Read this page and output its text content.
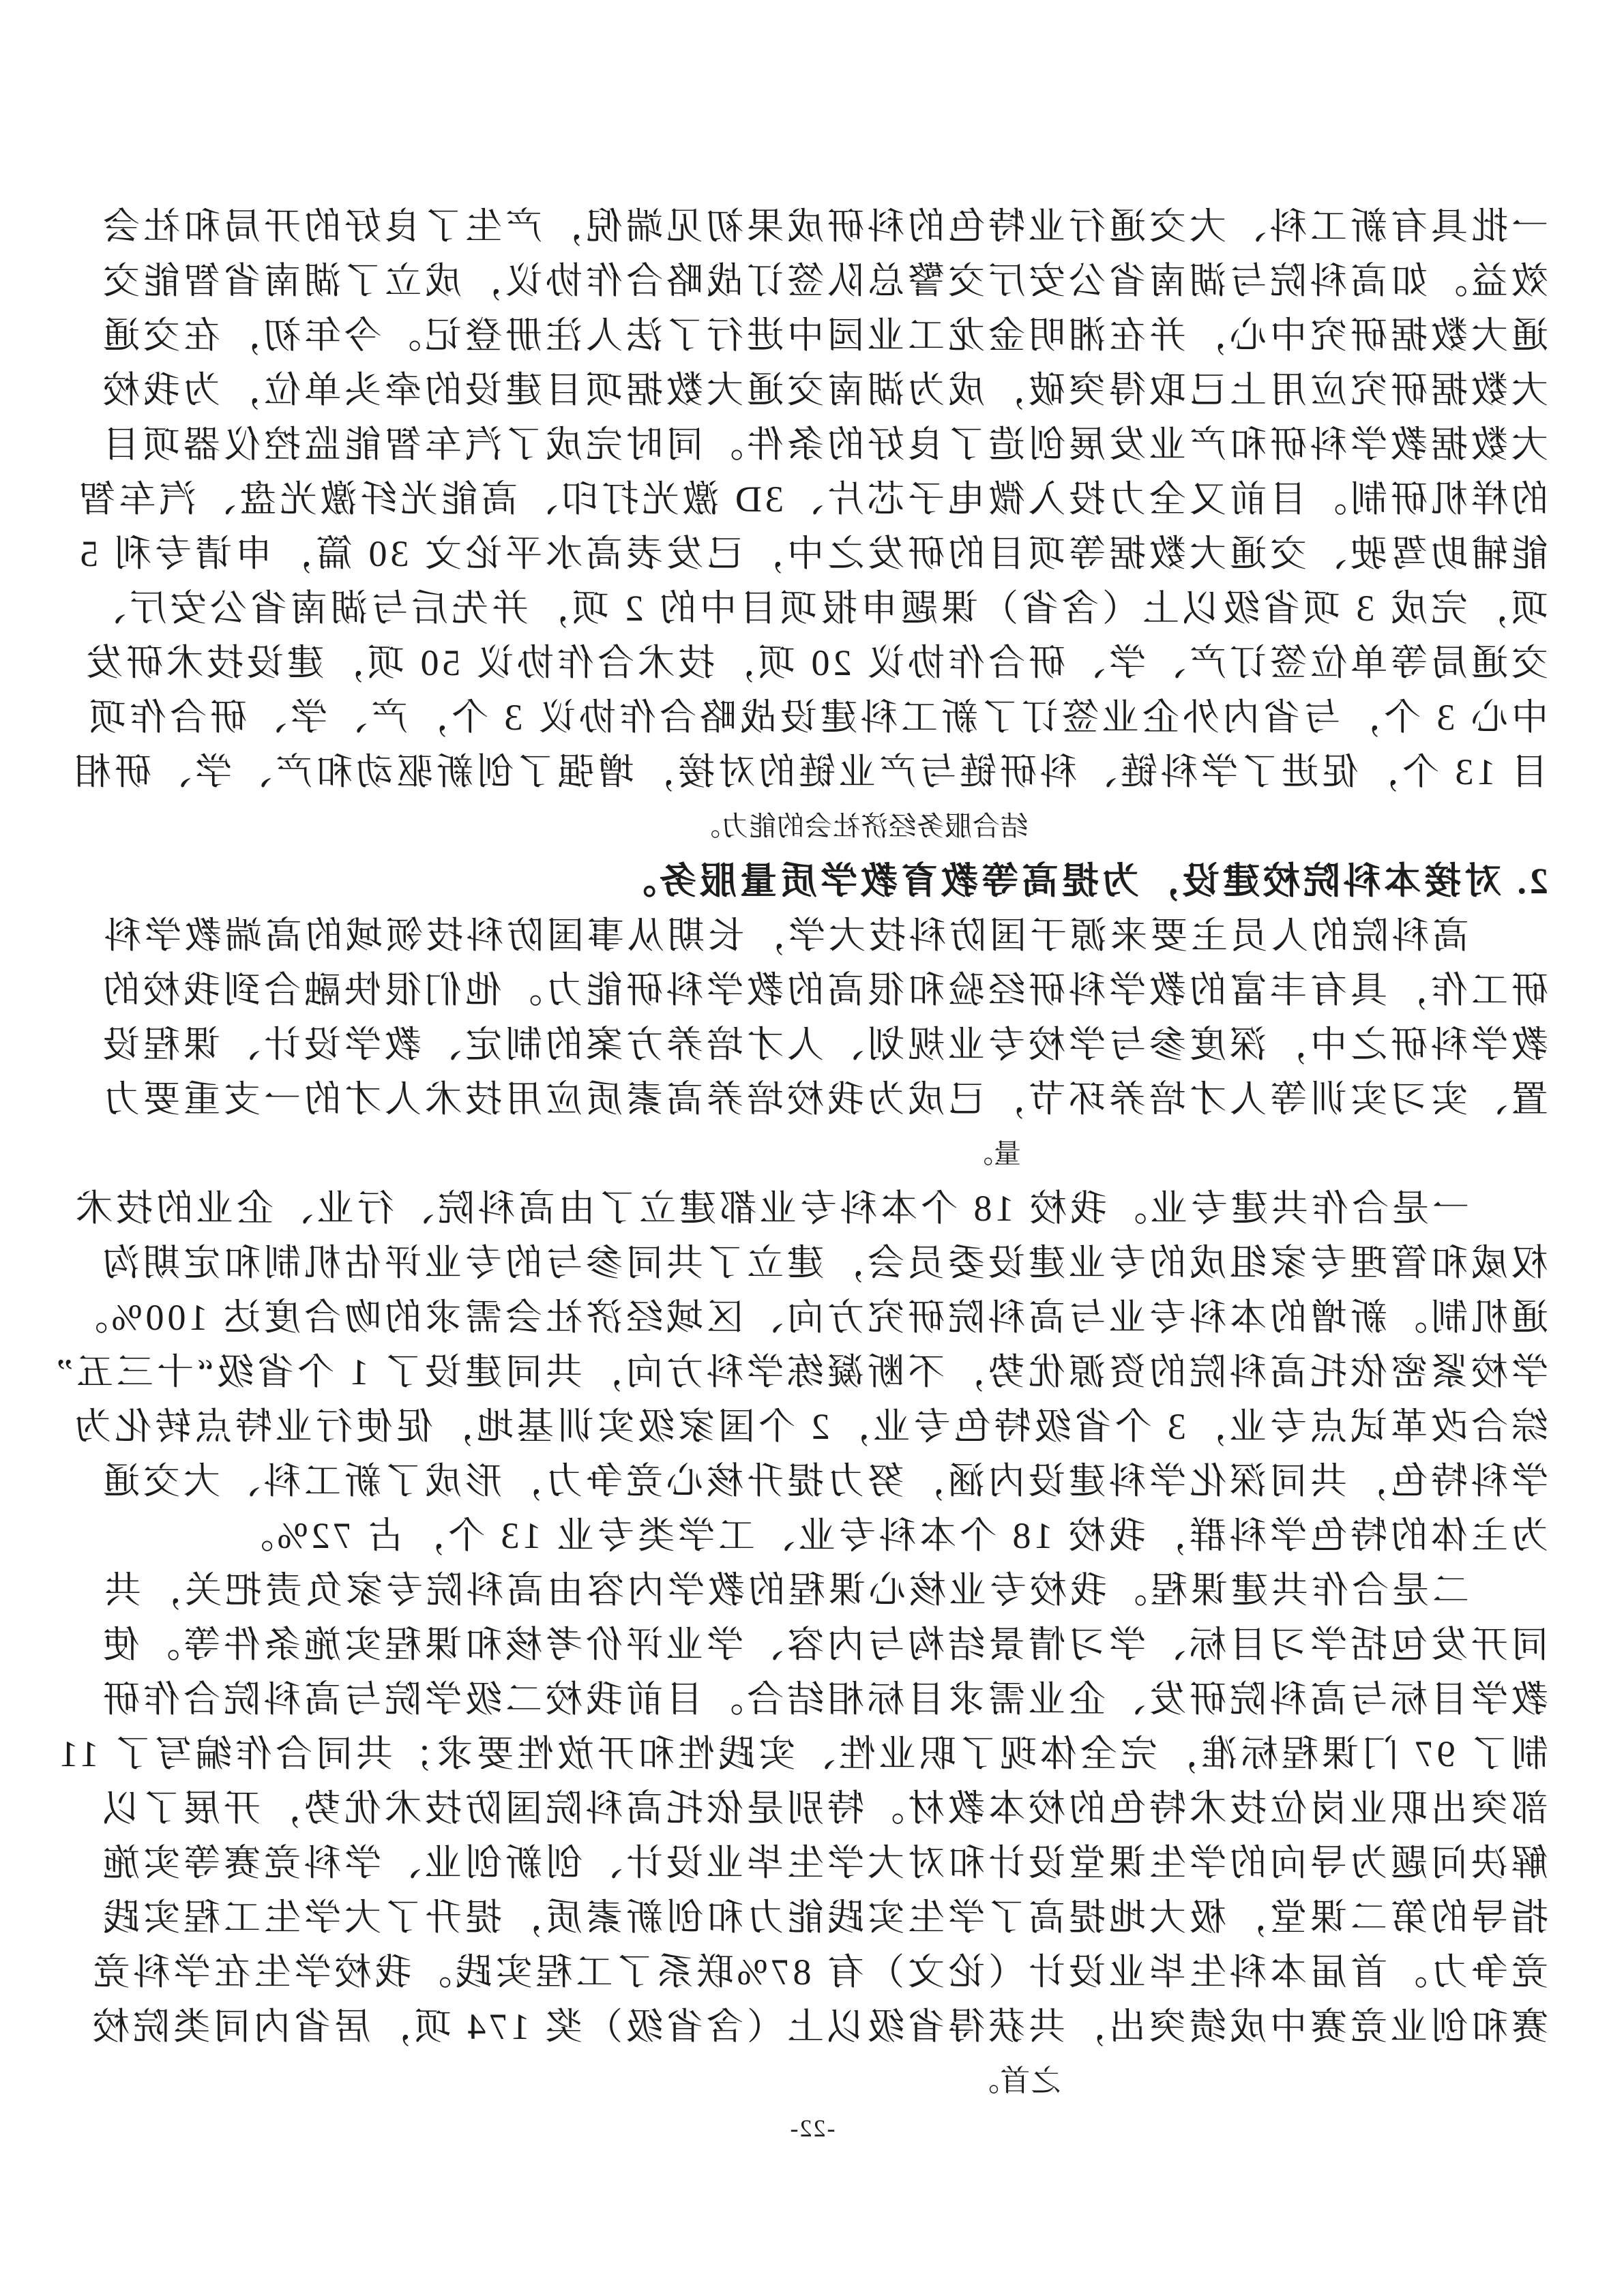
一批具有新工科、大交通行业特色的科研成果初见端倪，产生了良好的开局和社会
效益。如高科院与湖南省公安厅交警总队签订战略合作协议，成立了湖南省智能交
通大数据研究中心，并在湘明金龙工业园中进行了法人注册登记。今年初，在交通
大数据研究应用上已取得突破，成为湖南交通大数据项目建设的牵头单位，为我校
大数据教学科研和产业发展创造了良好的条件。同时完成了汽车智能监控仪器项目
的样机研制。目前又全力投入微电子芯片、3D 激光打印、高能光纤激光盘、汽车智
能辅助驾驶、交通大数据等项目的研发之中，已发表高水平论文 30 篇，申请专利 5
项，完成 3 项省级以上（含省）课题申报项目中的 2 项，并先后与湖南省公安厅、
交通局等单位签订产、学、研合作协议 20 项，技术合作协议 50 项，建设技术研发
中心 3 个，与省内外企业签订了新工科建设战略合作协议 3 个，产、学、研合作项
目 13 个，促进了学科链、科研链与产业链的对接，增强了创新驱动和产、学、研相
结合服务经济社会的能力。
2. 对接本科院校建设，为提高等教育教学质量服务。
高科院的人员主要来源于国防科技大学，长期从事国防科技领域的高端教学科
研工作，具有丰富的教学科研经验和很高的教学科研能力。他们很快融合到我校的
教学科研之中，深度参与学校专业规划、人才培养方案的制定、教学设计、课程设
置、实习实训等人才培养环节，已成为我校培养高素质应用技术人才的一支重要力
量。
一是合作共建专业。我校 18 个本科专业都建立了由高科院、行业、企业的技术
权威和管理专家组成的专业建设委员会，建立了共同参与的专业评估机制和定期沟
通机制。新增的本科专业与高科院研究方向、区域经济社会需求的吻合度达 100%。
学校紧密依托高科院的资源优势，不断凝练学科方向，共同建设了 1 个省级“十三五”
综合改革试点专业，3 个省级特色专业，2 个国家级实训基地，促使行业特点转化为
学科特色，共同深化学科建设内涵，努力提升核心竞争力，形成了新工科、大交通
为主体的特色学科群，我校 18 个本科专业、工学类专业 13 个，占 72%。
二是合作共建课程。我校专业核心课程的教学内容由高科院专家负责把关，共
同开发包括学习目标、学习情景结构与内容、学业评价考核和课程实施条件等。使
教学目标与高科院研发、企业需求目标相结合。目前我校二级学院与高科院合作研
制了 97 门课程标准，完全体现了职业性、实践性和开放性要求；共同合作编写了 11
部突出职业岗位技术特色的校本教材。特别是依托高科院国防技术优势，开展了以
解决问题为导向的学生课堂设计和对大学生毕业设计、创新创业、学科竞赛等实施
指导的第二课堂，极大地提高了学生实践能力和创新素质，提升了大学生工程实践
竞争力。首届本科生毕业设计（论文）有 87%联系了工程实践。我校学生在学科竞
赛和创业竞赛中成绩突出，共获得省级以上（含省级）奖 174 项，居省内同类院校
之首。
-22-
